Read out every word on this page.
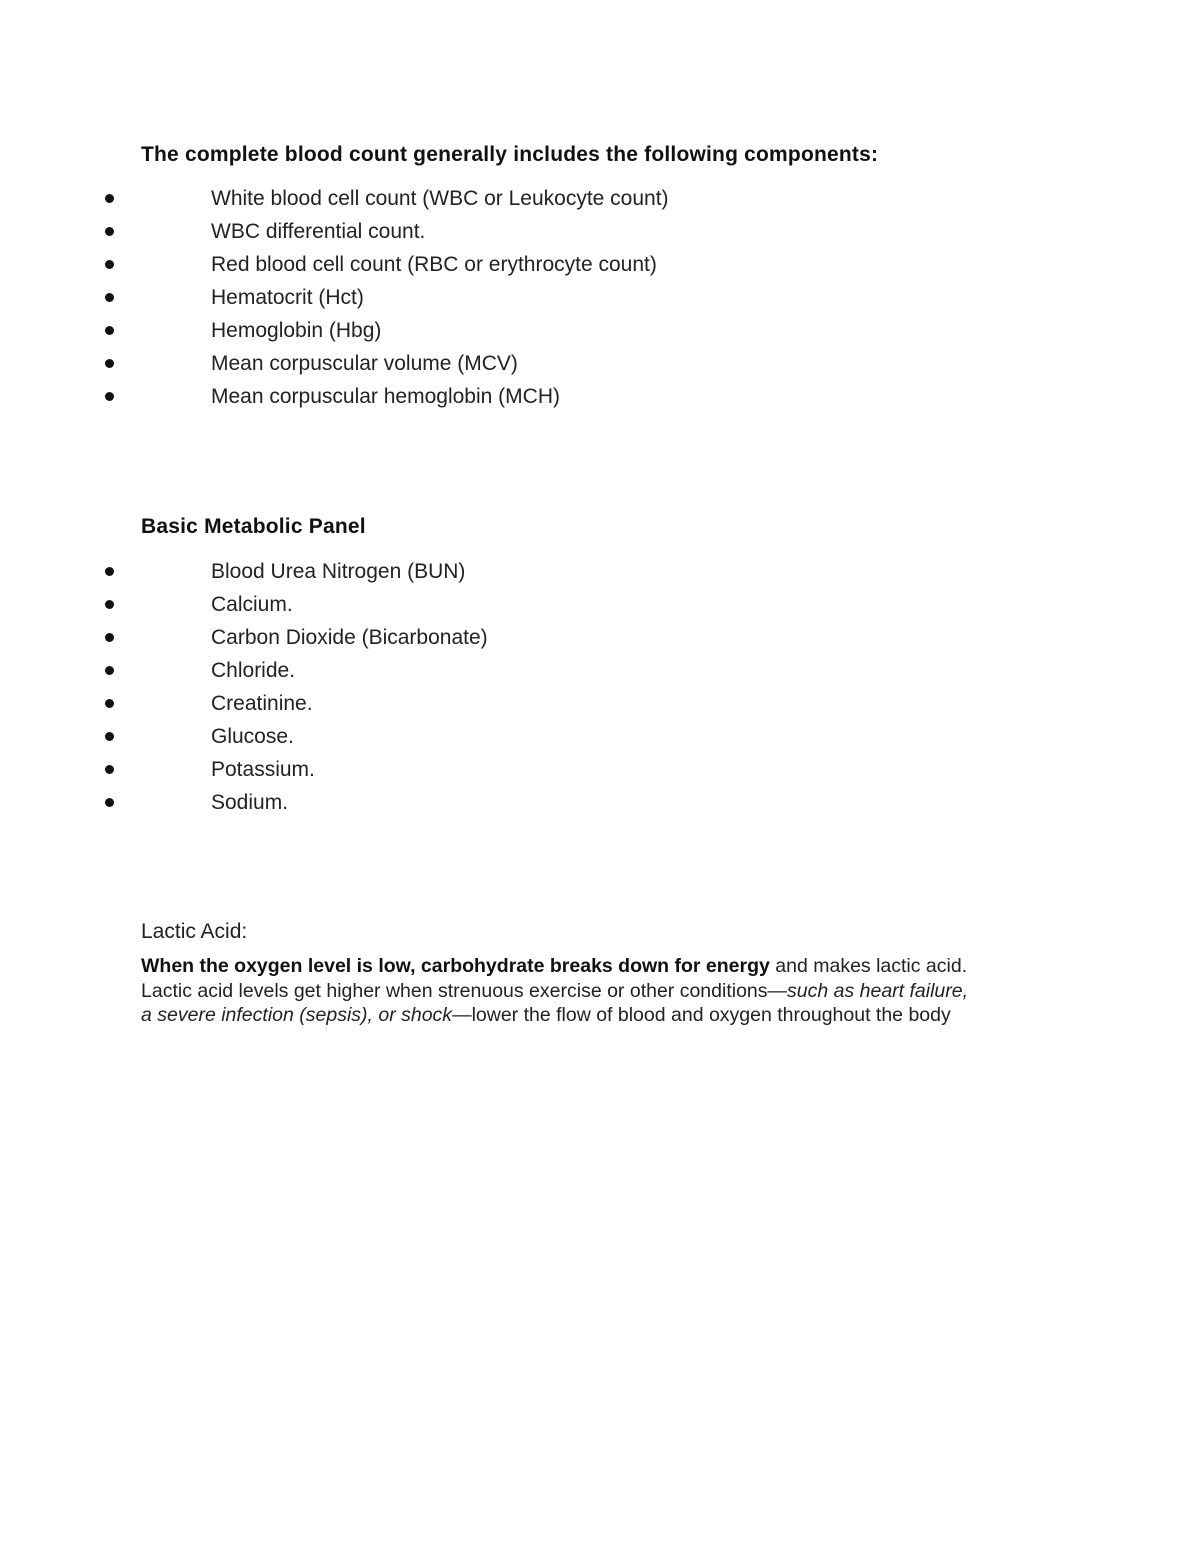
The complete blood count generally includes the following components:
White blood cell count (WBC or Leukocyte count)
WBC differential count.
Red blood cell count (RBC or erythrocyte count)
Hematocrit (Hct)
Hemoglobin (Hbg)
Mean corpuscular volume (MCV)
Mean corpuscular hemoglobin (MCH)
Basic Metabolic Panel
Blood Urea Nitrogen (BUN)
Calcium.
Carbon Dioxide (Bicarbonate)
Chloride.
Creatinine.
Glucose.
Potassium.
Sodium.
Lactic Acid:
When the oxygen level is low, carbohydrate breaks down for energy and makes lactic acid.
Lactic acid levels get higher when strenuous exercise or other conditions—such as heart failure,
a severe infection (sepsis), or shock—lower the flow of blood and oxygen throughout the body
